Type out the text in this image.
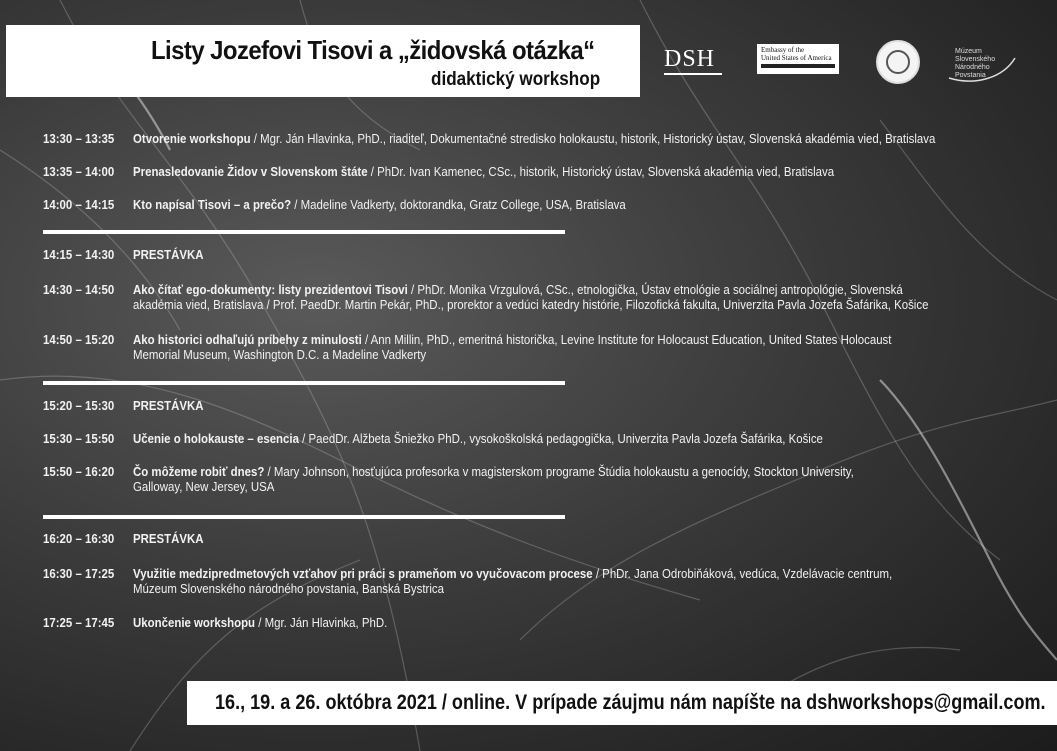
Listy Jozefovi Tisovi a „židovská otázka“
didaktický workshop
DSH	Embassy of the
United States of America
Múzeum
Slovenského
Národného
Povstania
13:30 – 13:35	Otvorenie workshopu / Mgr. Ján Hlavinka, PhD., riaditeľ, Dokumentačné stredisko holokaustu, historik, Historický ústav, Slovenská akadémia vied, Bratislava
13:35 – 14:00	Prenasledovanie Židov v Slovenskom štáte / PhDr. Ivan Kamenec, CSc., historik, Historický ústav, Slovenská akadémia vied, Bratislava
14:00 – 14:15	Kto napísal Tisovi – a prečo? / Madeline Vadkerty, doktorandka, Gratz College, USA, Bratislava
14:15 – 14:30	PRESTÁVKA
14:30 – 14:50	Ako čítať ego-dokumenty: listy prezidentovi Tisovi / PhDr. Monika Vrzgulová, CSc., etnologička, Ústav etnológie a sociálnej antropológie, Slovenská
akadémia vied, Bratislava / Prof. PaedDr. Martin Pekár, PhD., prorektor a vedúci katedry histórie, Filozofická fakulta, Univerzita Pavla Jozefa Šafárika, Košice
14:50 – 15:20	Ako historici odhaľujú príbehy z minulosti / Ann Millin, PhD., emeritná historička, Levine Institute for Holocaust Education, United States Holocaust
Memorial Museum, Washington D.C. a Madeline Vadkerty
15:20 – 15:30	PRESTÁVKA
15:30 – 15:50	Učenie o holokauste – esencia / PaedDr. Alžbeta Šniežko PhD., vysokoškolská pedagogička, Univerzita Pavla Jozefa Šafárika, Košice
15:50 – 16:20	Čo môžeme robiť dnes? / Mary Johnson, hosťujúca profesorka v magisterskom programe Štúdia holokaustu a genocídy, Stockton University,
Galloway, New Jersey, USA
16:20 – 16:30	PRESTÁVKA
16:30 – 17:25	Využitie medzipredmetových vzťahov pri práci s prameňom vo vyučovacom procese / PhDr. Jana Odrobiňáková, vedúca, Vzdelávacie centrum,
Múzeum Slovenského národného povstania, Banská Bystrica
17:25 – 17:45	Ukončenie workshopu / Mgr. Ján Hlavinka, PhD.
16., 19. a 26. októbra 2021 / online. V prípade záujmu nám napíšte na dshworkshops@gmail.com.
